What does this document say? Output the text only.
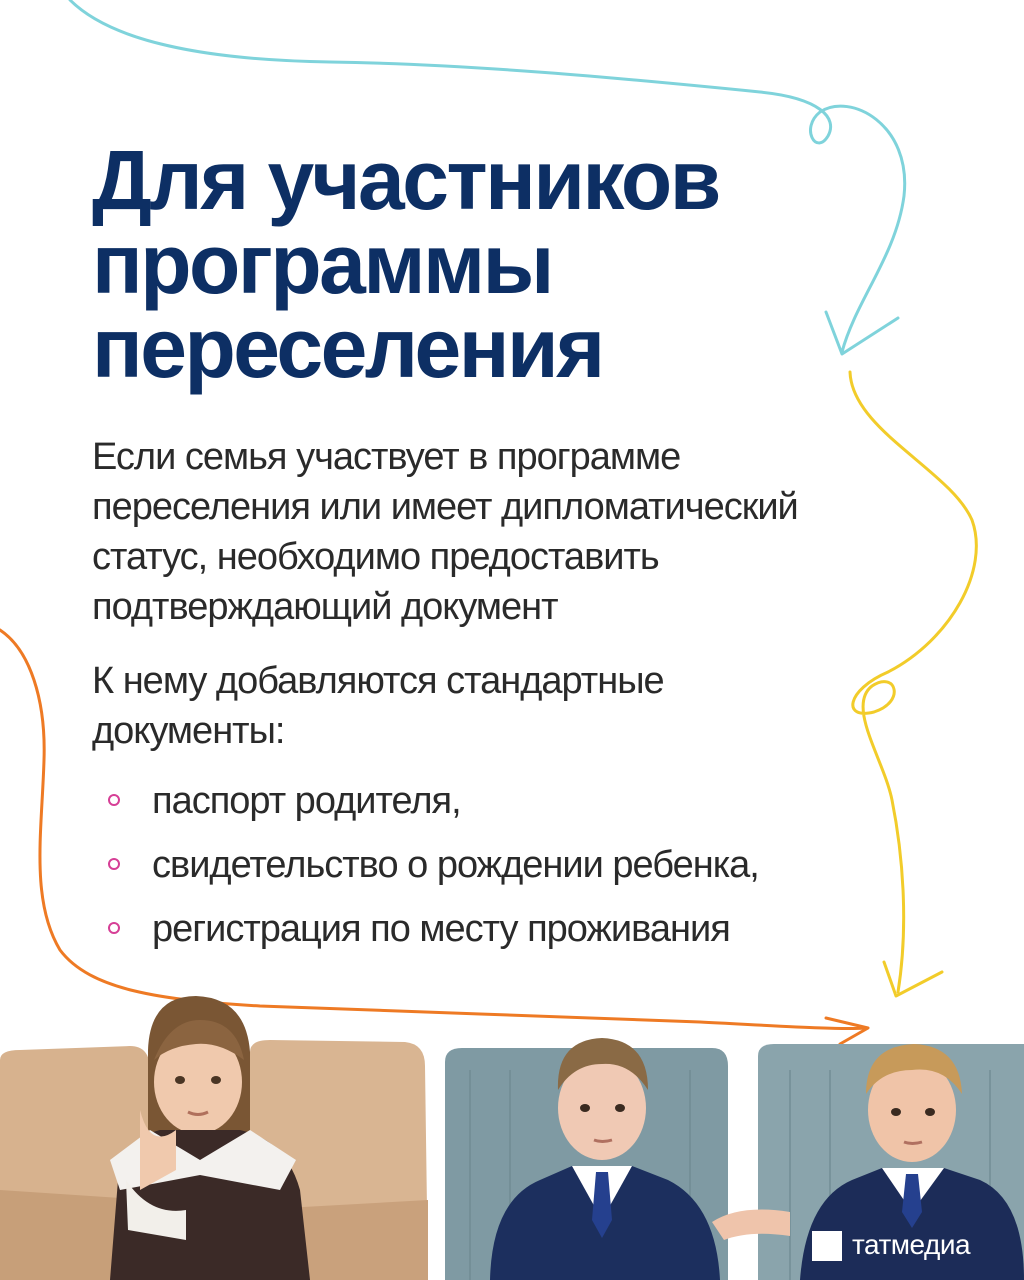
Для участников
программы
переселения

Если семья участвует в программе
переселения или имеет дипломатический
статус, необходимо предоставить
подтверждающий документ

К нему добавляются стандартные
документы:

паспорт родителя,
свидетельство о рождении ребенка,
регистрация по месту проживания
татмедиа
